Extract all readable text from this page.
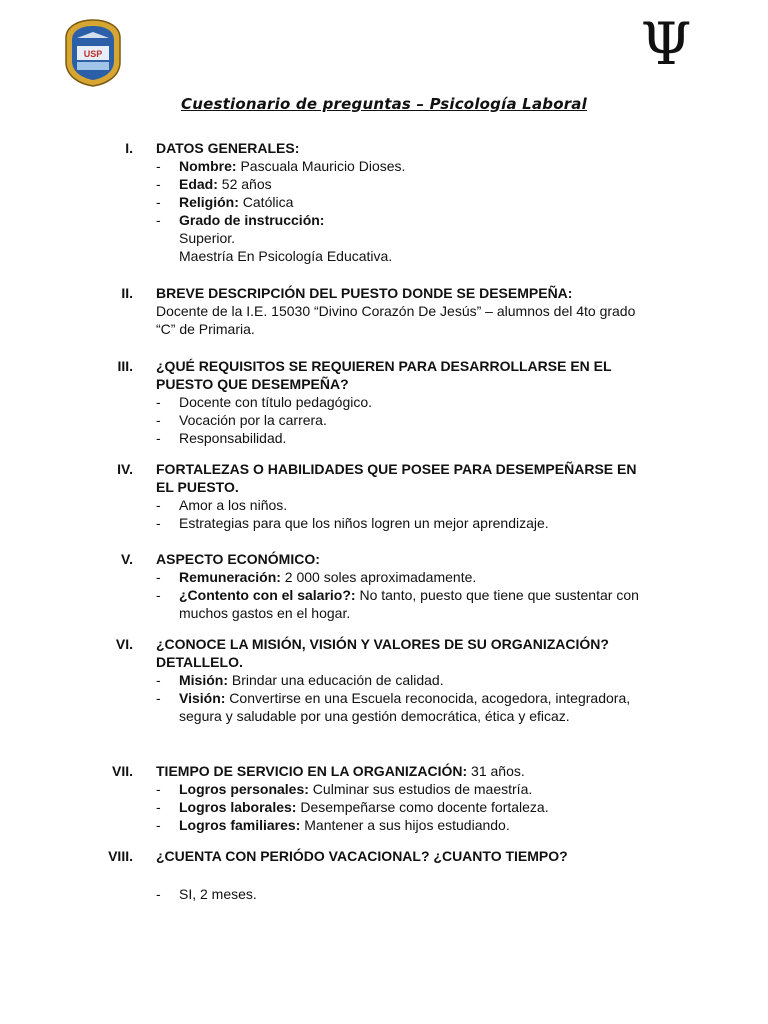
USP	Ψ
Cuestionario de preguntas – Psicología Laboral
I. DATOS GENERALES:
- Nombre: Pascuala Mauricio Dioses.
- Edad: 52 años
- Religión: Católica
- Grado de instrucción:
Superior.
Maestría En Psicología Educativa.
II. BREVE DESCRIPCIÓN DEL PUESTO DONDE SE DESEMPEÑA:
Docente de la I.E. 15030 “Divino Corazón De Jesús” – alumnos del 4to grado “C” de Primaria.
III. ¿QUÉ REQUISITOS SE REQUIEREN PARA DESARROLLARSE EN EL PUESTO QUE DESEMPEÑA?
- Docente con título pedagógico.
- Vocación por la carrera.
- Responsabilidad.
IV. FORTALEZAS O HABILIDADES QUE POSEE PARA DESEMPEÑARSE EN EL PUESTO.
- Amor a los niños.
- Estrategias para que los niños logren un mejor aprendizaje.
V. ASPECTO ECONÓMICO:
- Remuneración: 2 000 soles aproximadamente.
- ¿Contento con el salario?: No tanto, puesto que tiene que sustentar con muchos gastos en el hogar.
VI. ¿CONOCE LA MISIÓN, VISIÓN Y VALORES DE SU ORGANIZACIÓN?DETALLELO.
- Misión: Brindar una educación de calidad.
- Visión: Convertirse en una Escuela reconocida, acogedora, integradora, segura y saludable por una gestión democrática, ética y eficaz.
VII. TIEMPO DE SERVICIO EN LA ORGANIZACIÓN: 31 años.
- Logros personales: Culminar sus estudios de maestría.
- Logros laborales: Desempeñarse como docente fortaleza.
- Logros familiares: Mantener a sus hijos estudiando.
VIII. ¿CUENTA CON PERIÓDO VACACIONAL? ¿CUANTO TIEMPO?
- SI, 2 meses.
